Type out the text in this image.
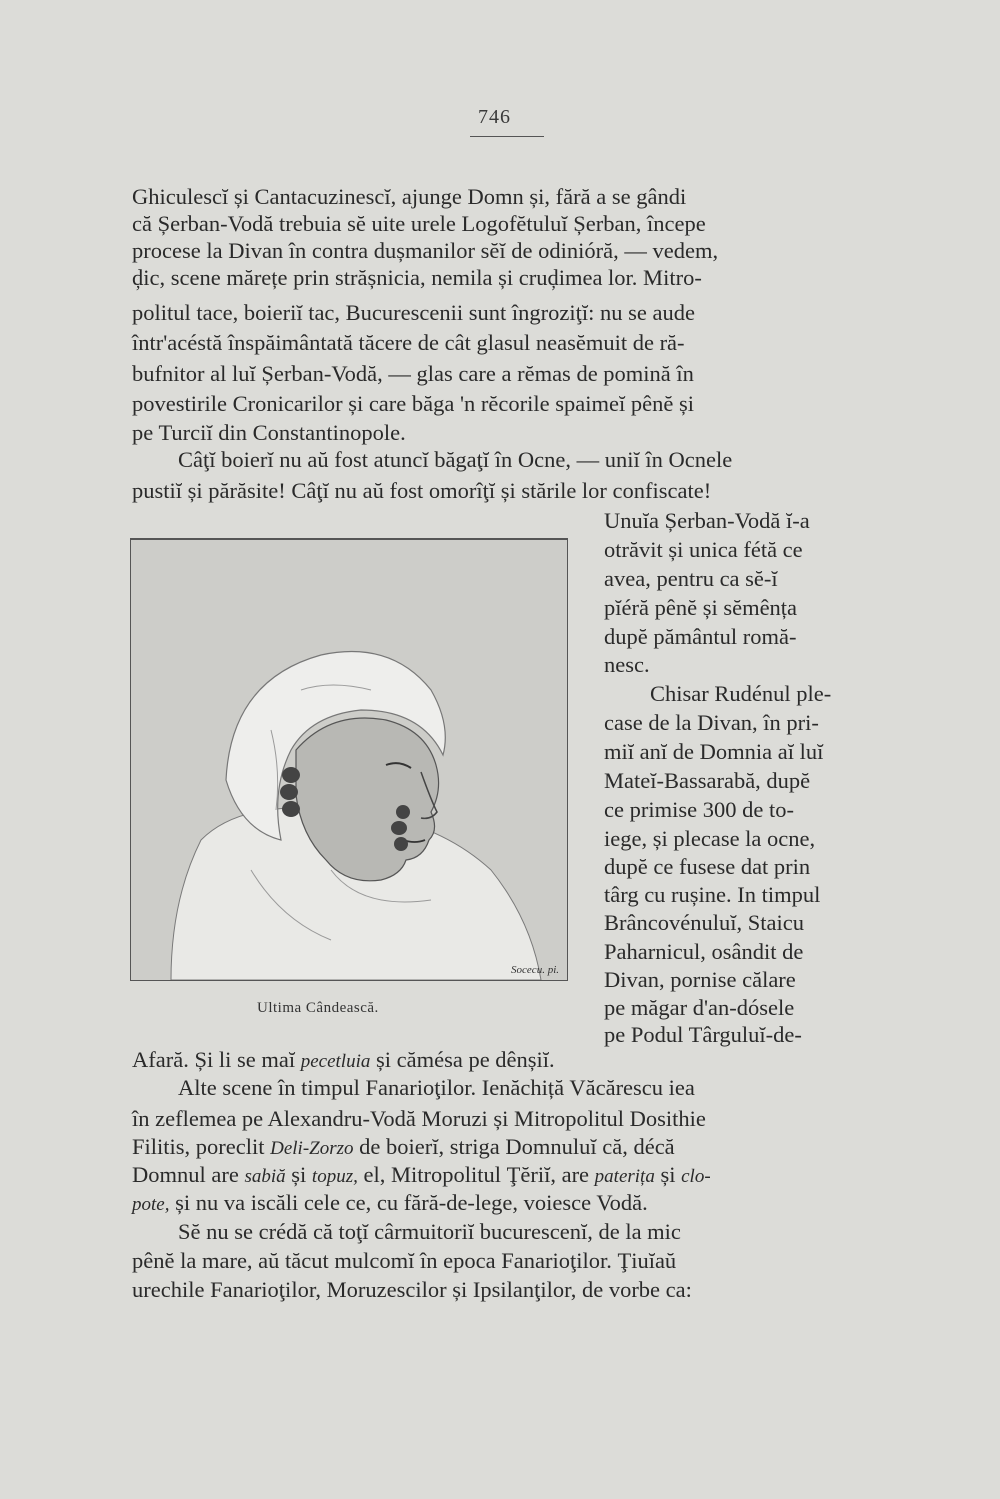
746
Ghiculescĭ și Cantacuzinescĭ, ajunge Domn și, fără a se gândi
că Șerban-Vodă trebuia sĕ uite urele Logofĕtuluĭ Șerban, începe
procese la Divan în contra dușmanilor sĕĭ de odinióră, — vedem,
ḑic, scene mărețe prin strășnicia, nemila și cruḑimea lor. Mitro-
politul tace, boieriĭ tac, Bucurescenii sunt îngroziţĭ: nu se aude
într'acéstă înspăimântată tăcere de cât glasul neasĕmuit de ră-
bufnitor al luĭ Șerban-Vodă, — glas care a rĕmas de pomină în
povestirile Cronicarilor și care băga 'n rĕcorile spaimeĭ pênĕ și
pe Turciĭ din Constantinopole.
Câţĭ boierĭ nu aŭ fost atuncĭ băgaţĭ în Ocne, — uniĭ în Ocnele
pustiĭ și părăsite! Câţĭ nu aŭ fost omorîţĭ și stările lor confiscate!
Unuĭa Șerban-Vodă ĭ-a
otrăvit și unica fétă ce
avea, pentru ca sĕ-ĭ
pĭéră pênĕ și sĕmênța
dupĕ pământul romă-
nesc.
Chisar Rudénul ple-
case de la Divan, în pri-
miĭ anĭ de Domnia aĭ luĭ
Mateĭ-Bassarabă, dupĕ
ce primise 300 de to-
iege, și plecase la ocne,
dupĕ ce fusese dat prin
târg cu rușine. In timpul
Brâncovénuluĭ, Staicu
Paharnicul, osândit de
Divan, pornise călare
pe măgar d'an-dósele
pe Podul Târguluĭ-de-
Afară. Și li se maĭ pecetluia și cămésa pe dênșiĭ.
Alte scene în timpul Fanarioţilor. Ienăchiță Văcărescu iea
în zeflemea pe Alexandru-Vodă Moruzi și Mitropolitul Dosithie
Filitis, poreclit Deli-Zorzo de boierĭ, striga Domnuluĭ că, décă
Domnul are sabiă și topuz, el, Mitropolitul Ţĕriĭ, are paterița și clo-
pote, și nu va iscăli cele ce, cu fără-de-lege, voiesce Vodă.
Sĕ nu se crédă că toţĭ cârmuitoriĭ bucurescenĭ, de la mic
pênĕ la mare, aŭ tăcut mulcomĭ în epoca Fanarioţilor. Ţiuĭaŭ
urechile Fanarioţilor, Moruzescilor și Ipsilanţilor, de vorbe ca:
Socecu. pi.
Ultima Cândească.
